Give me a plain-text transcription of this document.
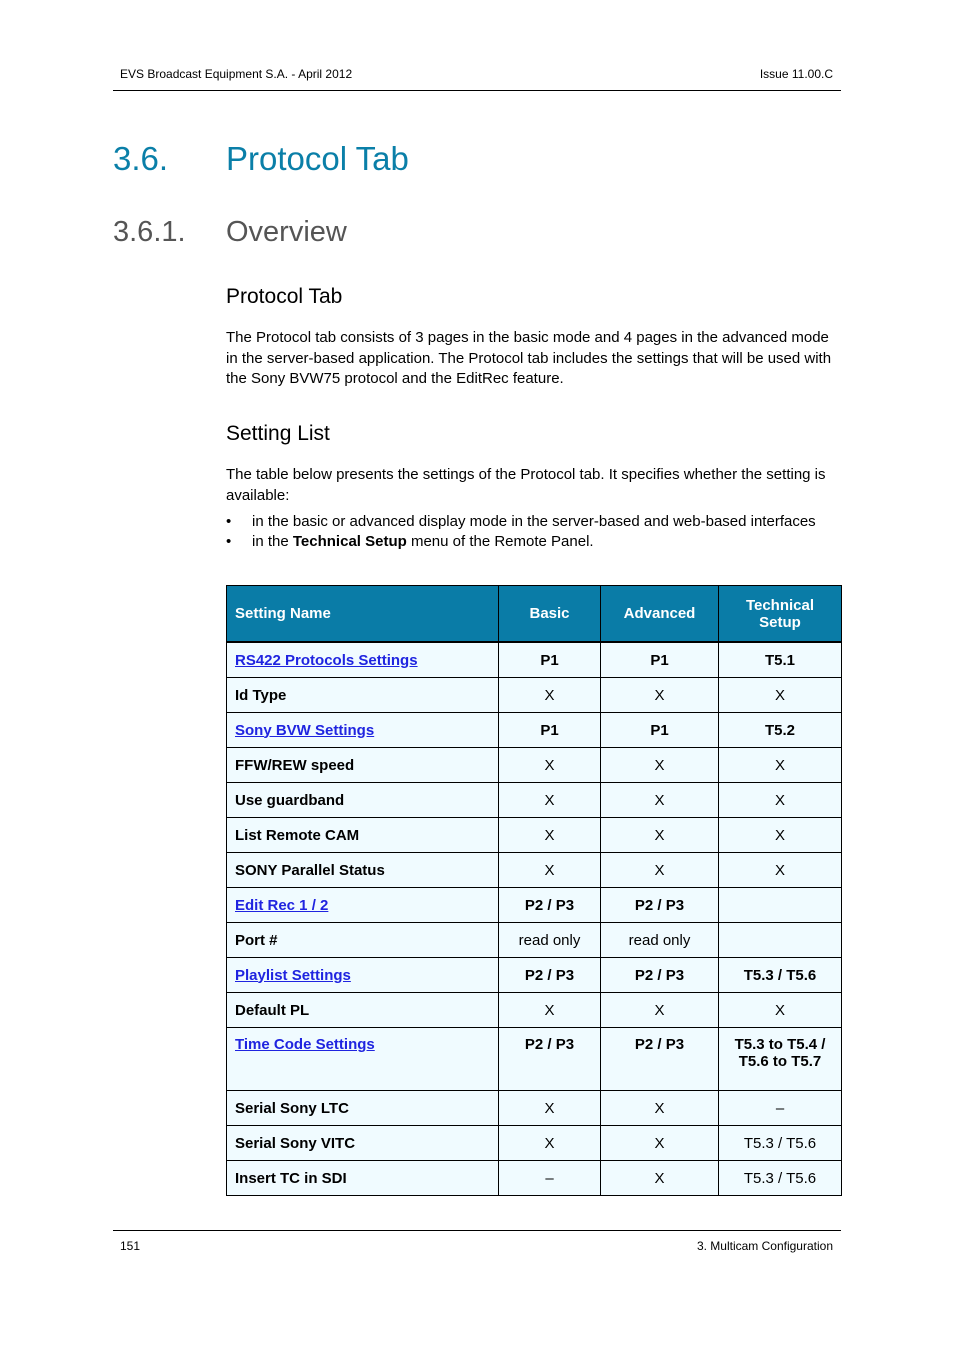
EVS Broadcast Equipment S.A. - April 2012	Issue 11.00.C
3.6. Protocol Tab
3.6.1. Overview
Protocol Tab
The Protocol tab consists of 3 pages in the basic mode and 4 pages in the advanced mode in the server-based application. The Protocol tab includes the settings that will be used with the Sony BVW75 protocol and the EditRec feature.
Setting List
The table below presents the settings of the Protocol tab. It specifies whether the setting is available:
• in the basic or advanced display mode in the server-based and web-based interfaces
• in the Technical Setup menu of the Remote Panel.
Setting Name	Basic	Advanced	Technical Setup
RS422 Protocols Settings	P1	P1	T5.1
Id Type	X	X	X
Sony BVW Settings	P1	P1	T5.2
FFW/REW speed	X	X	X
Use guardband	X	X	X
List Remote CAM	X	X	X
SONY Parallel Status	X	X	X
Edit Rec 1 / 2	P2 / P3	P2 / P3	
Port #	read only	read only	
Playlist Settings	P2 / P3	P2 / P3	T5.3 / T5.6
Default PL	X	X	X
Time Code Settings	P2 / P3	P2 / P3	T5.3 to T5.4 / T5.6 to T5.7
Serial Sony LTC	X	X	–
Serial Sony VITC	X	X	T5.3 / T5.6
Insert TC in SDI	–	X	T5.3 / T5.6
151	3. Multicam Configuration
